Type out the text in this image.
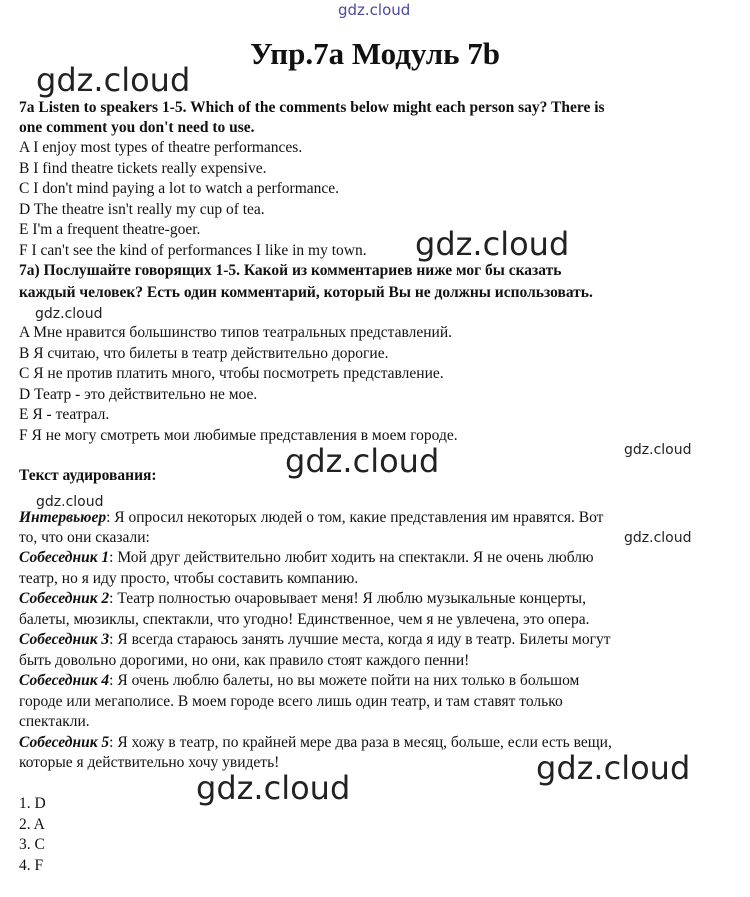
gdz.cloud
gdz.cloud
gdz.cloud
gdz.cloud
gdz.cloud
gdz.cloud
gdz.cloud
gdz.cloud
gdz.cloud
gdz.cloud
Упр.7a Модуль 7b
7a Listen to speakers 1-5. Which of the comments below might each person say? There is
one comment you don't need to use.
A I enjoy most types of theatre performances.
B I find theatre tickets really expensive.
C I don't mind paying a lot to watch a performance.
D The theatre isn't really my cup of tea.
E I'm a frequent theatre-goer.
F I can't see the kind of performances I like in my town.
7а) Послушайте говорящих 1-5. Какой из комментариев ниже мог бы сказать
каждый человек? Есть один комментарий, который Вы не должны использовать.
A Мне нравится большинство типов театральных представлений.
B Я считаю, что билеты в театр действительно дорогие.
C Я не против платить много, чтобы посмотреть представление.
D Театр - это действительно не мое.
E Я - театрал.
F Я не могу смотреть мои любимые представления в моем городе.
Текст аудирования:
Интервьюер: Я опросил некоторых людей о том, какие представления им нравятся. Вот
то, что они сказали:
Собеседник 1: Мой друг действительно любит ходить на спектакли. Я не очень люблю
театр, но я иду просто, чтобы составить компанию.
Собеседник 2: Театр полностью очаровывает меня! Я люблю музыкальные концерты,
балеты, мюзиклы, спектакли, что угодно! Единственное, чем я не увлечена, это опера.
Собеседник 3: Я всегда стараюсь занять лучшие места, когда я иду в театр. Билеты могут
быть довольно дорогими, но они, как правило стоят каждого пенни!
Собеседник 4: Я очень люблю балеты, но вы можете пойти на них только в большом
городе или мегаполисе. В моем городе всего лишь один театр, и там ставят только
спектакли.
Собеседник 5: Я хожу в театр, по крайней мере два раза в месяц, больше, если есть вещи,
которые я действительно хочу увидеть!
1. D
2. A
3. C
4. F
